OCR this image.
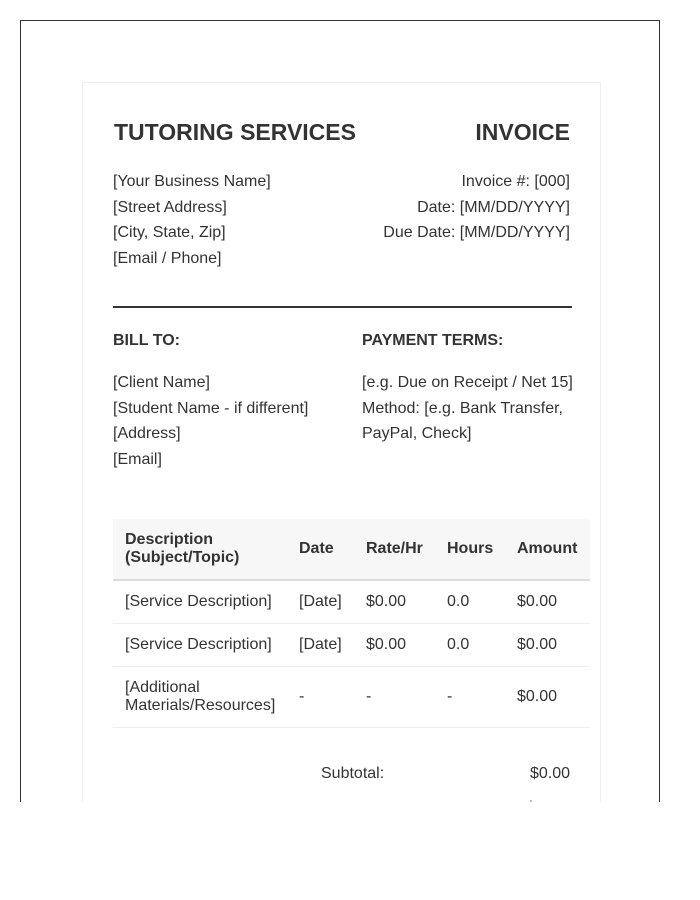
TUTORING SERVICES	INVOICE
[Your Business Name]
[Street Address]
[City, State, Zip]
[Email / Phone]
Invoice #: [000]
Date: [MM/DD/YYYY]
Due Date: [MM/DD/YYYY]
BILL TO:	PAYMENT TERMS:
[Client Name]
[Student Name - if different]
[Address]
[Email]
[e.g. Due on Receipt / Net 15]
Method: [e.g. Bank Transfer, PayPal, Check]
Description (Subject/Topic)	Date	Rate/Hr	Hours	Amount
[Service Description]	[Date]	$0.00	0.0	$0.00
[Service Description]	[Date]	$0.00	0.0	$0.00

[Additional Materials/Resources]	-	-	-	$0.00
Subtotal:	$0.00
